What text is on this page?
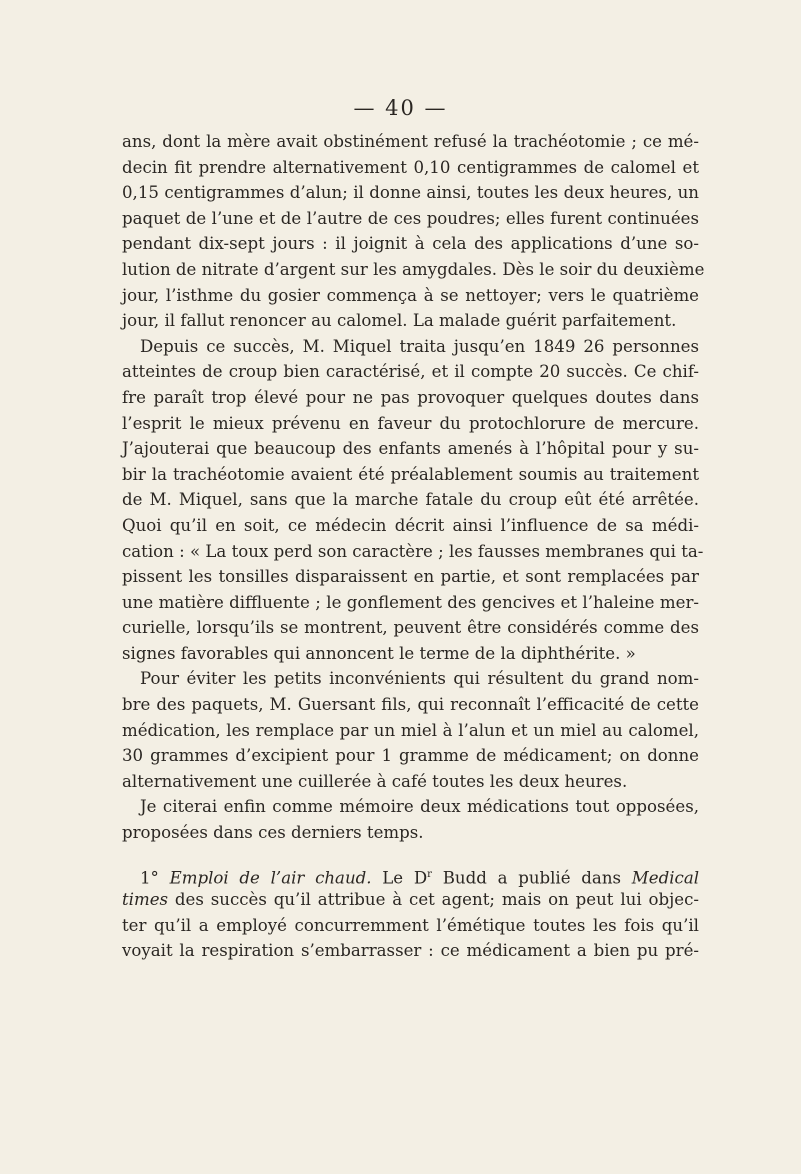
— 40 —
ans, dont la mère avait obstinément refusé la trachéotomie ; ce mé-
decin fit prendre alternativement 0,10 centigrammes de calomel et
0,15 centigrammes d’alun; il donne ainsi, toutes les deux heures, un
paquet de l’une et de l’autre de ces poudres; elles furent continuées
pendant dix-sept jours : il joignit à cela des applications d’une so-
lution de nitrate d’argent sur les amygdales. Dès le soir du deuxième
jour, l’isthme du gosier commença à se nettoyer; vers le quatrième
jour, il fallut renoncer au calomel. La malade guérit parfaitement.
Depuis ce succès, M. Miquel traita jusqu’en 1849 26 personnes
atteintes de croup bien caractérisé, et il compte 20 succès. Ce chif-
fre paraît trop élevé pour ne pas provoquer quelques doutes dans
l’esprit le mieux prévenu en faveur du protochlorure de mercure.
J’ajouterai que beaucoup des enfants amenés à l’hôpital pour y su-
bir la trachéotomie avaient été préalablement soumis au traitement
de M. Miquel, sans que la marche fatale du croup eût été arrêtée.
Quoi qu’il en soit, ce médecin décrit ainsi l’influence de sa médi-
cation : « La toux perd son caractère ; les fausses membranes qui ta-
pissent les tonsilles disparaissent en partie, et sont remplacées par
une matière diffluente ; le gonflement des gencives et l’haleine mer-
curielle, lorsqu’ils se montrent, peuvent être considérés comme des
signes favorables qui annoncent le terme de la diphthérite. »
Pour éviter les petits inconvénients qui résultent du grand nom-
bre des paquets, M. Guersant fils, qui reconnaît l’efficacité de cette
médication, les remplace par un miel à l’alun et un miel au calomel,
30 grammes d’excipient pour 1 gramme de médicament; on donne
alternativement une cuillerée à café toutes les deux heures.
Je citerai enfin comme mémoire deux médications tout opposées,
proposées dans ces derniers temps.
1° Emploi de l’air chaud. Le $D^r$ Budd a publié dans Medical
times des succès qu’il attribue à cet agent; mais on peut lui objec-
ter qu’il a employé concurremment l’émétique toutes les fois qu’il
voyait la respiration s’embarrasser : ce médicament a bien pu pré-
